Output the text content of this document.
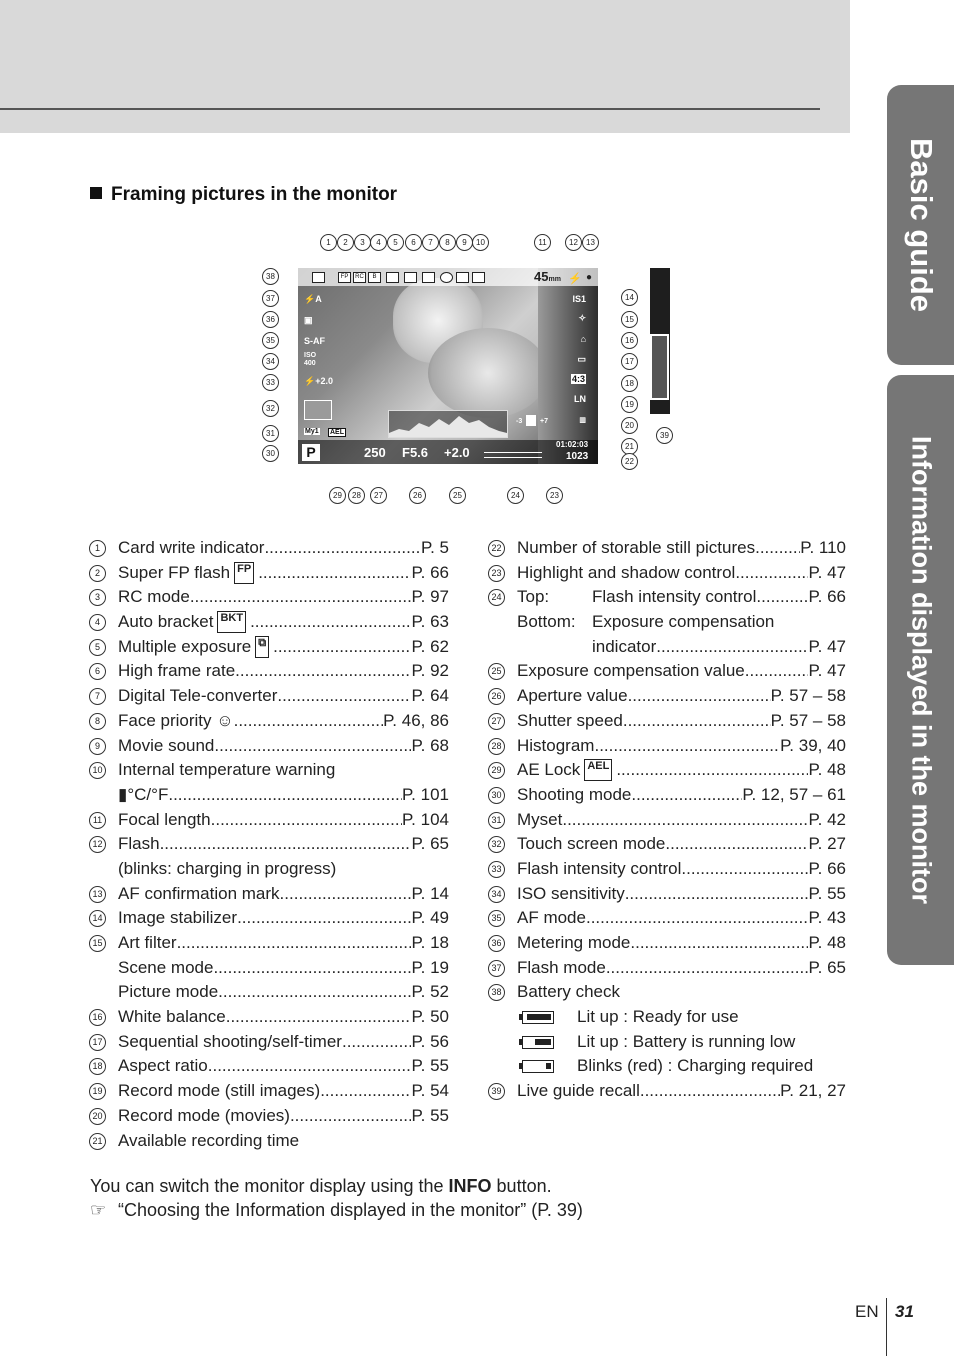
Basic guide
Information displayed in the monitor
Framing pictures in the monitor
FP	RC	B	45mm ⚡ ●
⚡A
▣
S-AF
ISO
400
⚡+2.0
My1 AEL
IS1
✧
⌂
▭
4:3
LN
▥
-3	+7
P	250 F5.6 +2.0
01:02:03
1023
1	2	3	4	5	6	7	8	9	10	11	12	13
14
15
16
17
18
19
20
21
22
29	28	27	26	25	24	23
38
37
36
35
34
33
32
31
30
39
1	Card write indicator .....	P. 5
2	Super FP flash FP .....	P. 66
3	RC mode .....	P. 97
4	Auto bracket BKT .....	P. 63
5	Multiple exposure ⧉ .....	P. 62
6	High frame rate .....	P. 92
7	Digital Tele-converter .....	P. 64
8	Face priority ☺ .....	P. 46, 86
9	Movie sound .....	P. 68
10 Internal temperature warning
▮°C/°F .....	P. 101
11 Focal length .....	P. 104
12 Flash .....	P. 65
(blinks: charging in progress)
13 AF confirmation mark .....	P. 14
14 Image stabilizer .....	P. 49
15 Art filter .....	P. 18
Scene mode .....	P. 19
Picture mode .....	P. 52
16 White balance .....	P. 50
17 Sequential shooting/self-timer .....	P. 56
18 Aspect ratio .....	P. 55
19 Record mode (still images) .....	P. 54
20 Record mode (movies) .....	P. 55
21 Available recording time
22 Number of storable still pictures .....	P. 110
23 Highlight and shadow control .....	P. 47
24 Top:	Flash intensity control .....	P. 66
Bottom: Exposure compensation
indicator .....	P. 47
25 Exposure compensation value .....	P. 47
26 Aperture value .....	P. 57 – 58
27 Shutter speed .....	P. 57 – 58
28 Histogram .....	P. 39, 40
29 AE Lock AEL .....	P. 48
30 Shooting mode .....	P. 12, 57 – 61
31 Myset .....	P. 42
32 Touch screen mode .....	P. 27
33 Flash intensity control .....	P. 66
34 ISO sensitivity .....	P. 55
35 AF mode .....	P. 43
36 Metering mode .....	P. 48
37 Flash mode .....	P. 65
38 Battery check
Lit up : Ready for use
Lit up : Battery is running low
Blinks (red) : Charging required
39 Live guide recall .....	P. 21, 27
You can switch the monitor display using the INFO button.
☞ “Choosing the Information displayed in the monitor” (P. 39)
EN 31
